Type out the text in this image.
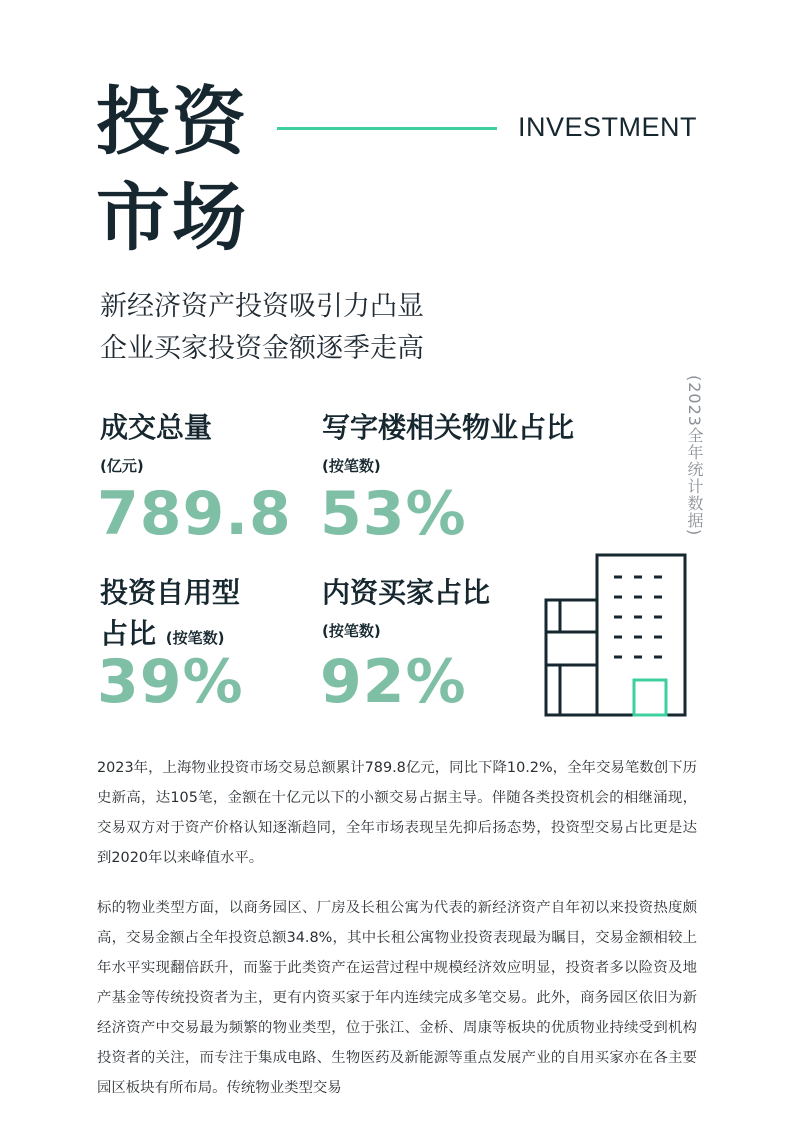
投资
市场
INVESTMENT
新经济资产投资吸引力凸显
企业买家投资金额逐季走高
(2023全年统计数据)
成交总量
(亿元)
789.8
写字楼相关物业占比
(按笔数)
53%
投资自用型
占比 (按笔数)
39%
内资买家占比
(按笔数)
92%

2023年，上海物业投资市场交易总额累计789.8亿元，同比下降10.2%，全年交易笔数创下历史新高，达105笔，金额在十亿元以下的小额交易占据主导。伴随各类投资机会的相继涌现，交易双方对于资产价格认知逐渐趋同，全年市场表现呈先抑后扬态势，投资型交易占比更是达到2020年以来峰值水平。

标的物业类型方面，以商务园区、厂房及长租公寓为代表的新经济资产自年初以来投资热度颇高，交易金额占全年投资总额34.8%，其中长租公寓物业投资表现最为瞩目，交易金额相较上年水平实现翻倍跃升，而鉴于此类资产在运营过程中规模经济效应明显，投资者多以险资及地产基金等传统投资者为主，更有内资买家于年内连续完成多笔交易。此外，商务园区依旧为新经济资产中交易最为频繁的物业类型，位于张江、金桥、周康等板块的优质物业持续受到机构投资者的关注，而专注于集成电路、生物医药及新能源等重点发展产业的自用买家亦在各主要园区板块有所布局。传统物业类型交易
